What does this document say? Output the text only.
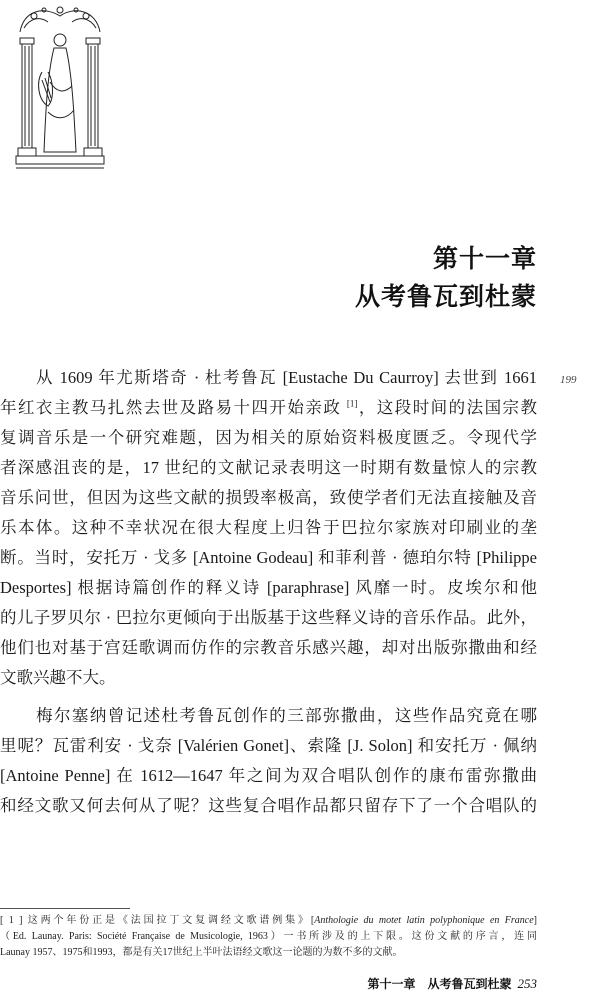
第十一章
从考鲁瓦到杜蒙
199
从 1609 年尤斯塔奇 · 杜考鲁瓦 [Eustache Du Caurroy] 去世到 1661
年红衣主教马扎然去世及路易十四开始亲政 [1]，这段时间的法国宗教
复调音乐是一个研究难题，因为相关的原始资料极度匮乏。令现代学
者深感沮丧的是，17 世纪的文献记录表明这一时期有数量惊人的宗教
音乐问世，但因为这些文献的损毁率极高，致使学者们无法直接触及音
乐本体。这种不幸状况在很大程度上归咎于巴拉尔家族对印刷业的垄
断。当时，安托万 · 戈多 [Antoine Godeau] 和菲利普 · 德珀尔特 [Philippe
Desportes] 根据诗篇创作的释义诗 [paraphrase] 风靡一时。皮埃尔和他
的儿子罗贝尔 · 巴拉尔更倾向于出版基于这些释义诗的音乐作品。此外，
他们也对基于宫廷歌调而仿作的宗教音乐感兴趣，却对出版弥撒曲和经
文歌兴趣不大。
梅尔塞纳曾记述杜考鲁瓦创作的三部弥撒曲，这些作品究竟在哪
里呢？瓦雷利安 · 戈奈 [Valérien Gonet]、索隆 [J. Solon] 和安托万 · 佩纳
[Antoine Penne] 在 1612—1647 年之间为双合唱队创作的康布雷弥撒曲
和经文歌又何去何从了呢？这些复合唱作品都只留存下了一个合唱队的
[ 1 ] 这两个年份正是《法国拉丁文复调经文歌谱例集》[Anthologie du motet latin polyphonique en France]
（Ed. Launay. Paris: Société Française de Musicologie, 1963）一书所涉及的上下限。这份文献的序言，连同
Launay 1957、1975和1993，都是有关17世纪上半叶法语经文歌这一论题的为数不多的文献。
第十一章　从考鲁瓦到杜蒙 253
